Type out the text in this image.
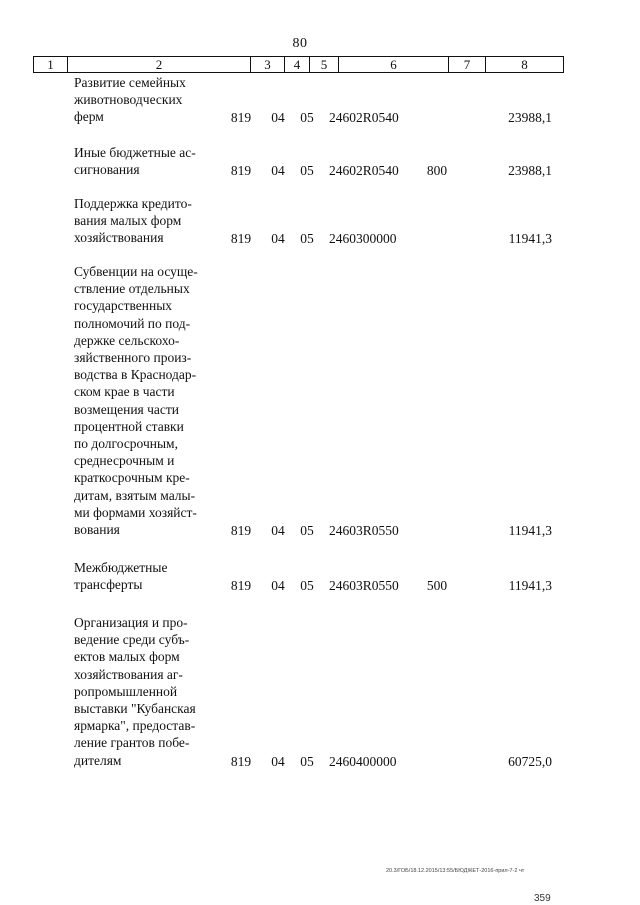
80
1	2	3	4	5	6	7	8
Развитие семейных
животноводческих
ферм	819 04 05 24602R0540	23988,1
Иные бюджетные ас-
сигнования	819 04 05 24602R0540	800	23988,1
Поддержка кредито-
вания малых форм
хозяйствования	819 04 05 2460300000	11941,3
Субвенции на осуще-
ствление отдельных
государственных
полномочий по под-
держке сельскохо-
зяйственного произ-
водства в Краснодар-
ском крае в части
возмещения части
процентной ставки
по долгосрочным,
среднесрочным и
краткосрочным кре-
дитам, взятым малы-
ми формами хозяйст-
вования	819 04 05 24603R0550	11941,3
Межбюджетные
трансферты	819 04 05 24603R0550	500	11941,3
Организация и про-
ведение среди субъ-
ектов малых форм
хозяйствования аг-
ропромышленной
выставки "Кубанская
ярмарка", предостав-
ление грантов побе-
дителям	819 04 05 2460400000	60725,0
20.3/ГОБ/18.12.2015/13:55/БЮДЖЕТ-2016-прил-7-2 чт
359
